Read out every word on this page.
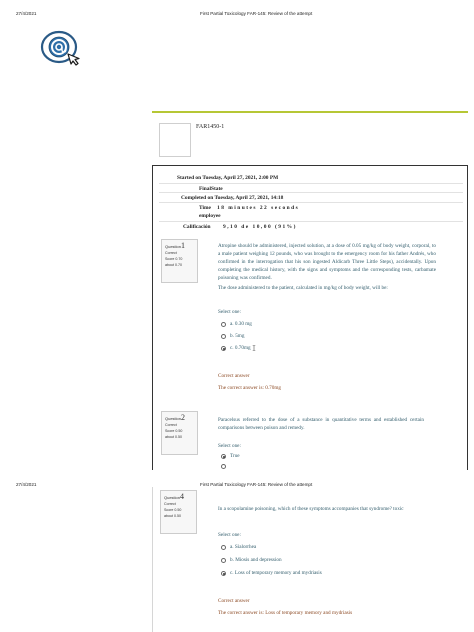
27/4/2021	First Partial Toxicology FAR-145: Review of the attempt
FAR1450-1
Started on Tuesday, April 27, 2021, 2:00 PM
FinalState
Completed on Tuesday, April 27, 2021, 14:18
Time 18 minutes 22 seconds
employee
Calificación 9,10 de 10,00 (91%)
Question1
Correct
Score 0.70
about 0.70

Atropine should be administered, injected solution, at a dose of 0.05 mg/kg of body weight, corporal, to a male patient weighing 12 pounds, who was brought to the emergency room for his father Andrés, who confirmed in the interrogation that his son ingested Aldicarb Three Little Steps), accidentally. Upon completing the medical history, with the signs and symptoms and the corresponding tests, carbamate poisoning was confirmed.

The dose administered to the patient, calculated in mg/kg of body weight, will be:

Select one:
a. 0.30 mg
b. 5mg
c. 0.70mg
Correct answer
The correct answer is: 0.70mg
Question2
Correct
Score 0.50
about 0.50

Paracelsus referred to the dose of a substance in quantitative terms and established certain comparisons between poison and remedy.

Select one:
True
27/4/2021	First Partial Toxicology FAR-145: Review of the attempt
Question4
Correct
Score 0.50
about 0.50

In a scopolamine poisoning, which of these symptoms accompanies that syndrome? toxic

Select one:
a. Sialorrhea
b. Miosis and depression
c. Loss of temporary memory and mydriasis
Correct answer
The correct answer is: Loss of temporary memory and mydriasis
